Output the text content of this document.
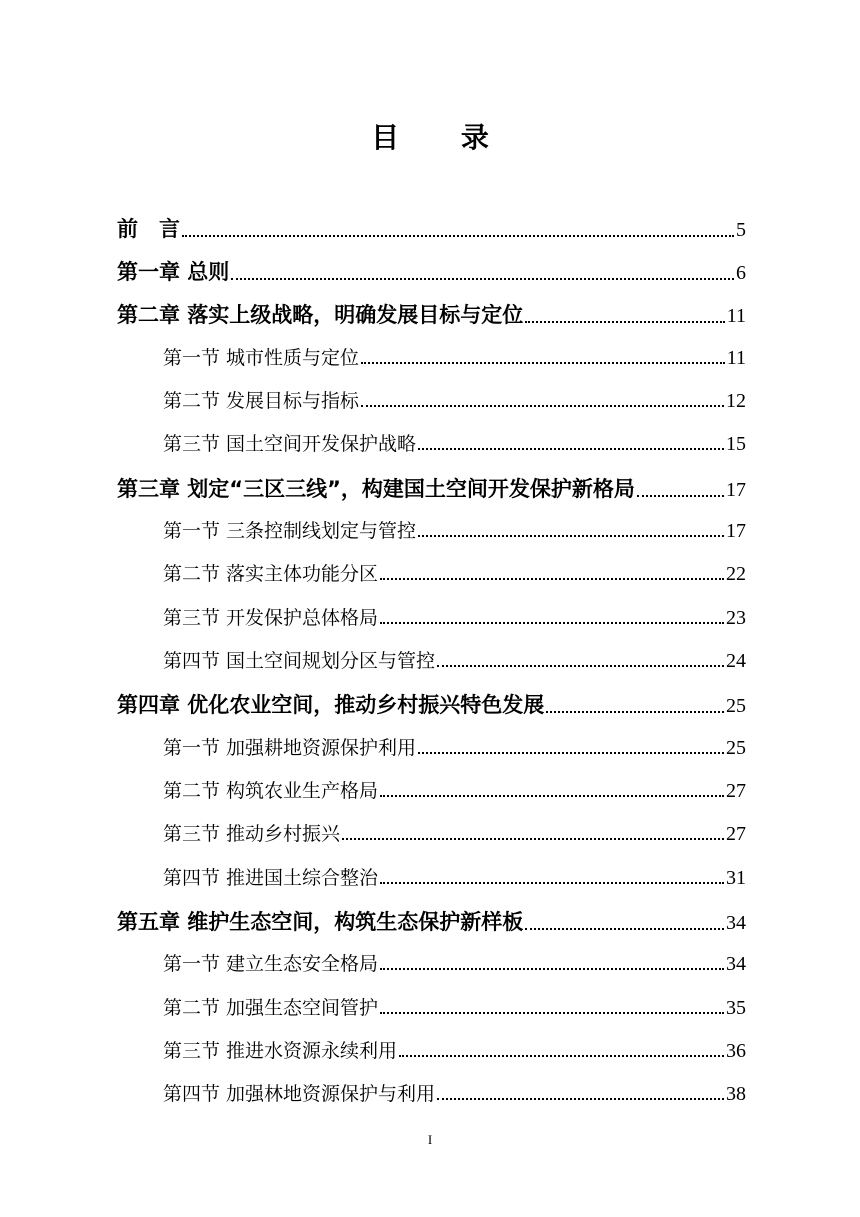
目 录
前　言	5
第一章 总则	6
第二章 落实上级战略，明确发展目标与定位	11
第一节 城市性质与定位	11
第二节 发展目标与指标	12
第三节 国土空间开发保护战略	15
第三章 划定“三区三线”，构建国土空间开发保护新格局	17
第一节 三条控制线划定与管控	17
第二节 落实主体功能分区	22
第三节 开发保护总体格局	23
第四节 国土空间规划分区与管控	24
第四章 优化农业空间，推动乡村振兴特色发展	25
第一节 加强耕地资源保护利用	25
第二节 构筑农业生产格局	27
第三节 推动乡村振兴	27
第四节 推进国土综合整治	31
第五章 维护生态空间，构筑生态保护新样板	34
第一节 建立生态安全格局	34
第二节 加强生态空间管护	35
第三节 推进水资源永续利用	36
第四节 加强林地资源保护与利用	38
I
